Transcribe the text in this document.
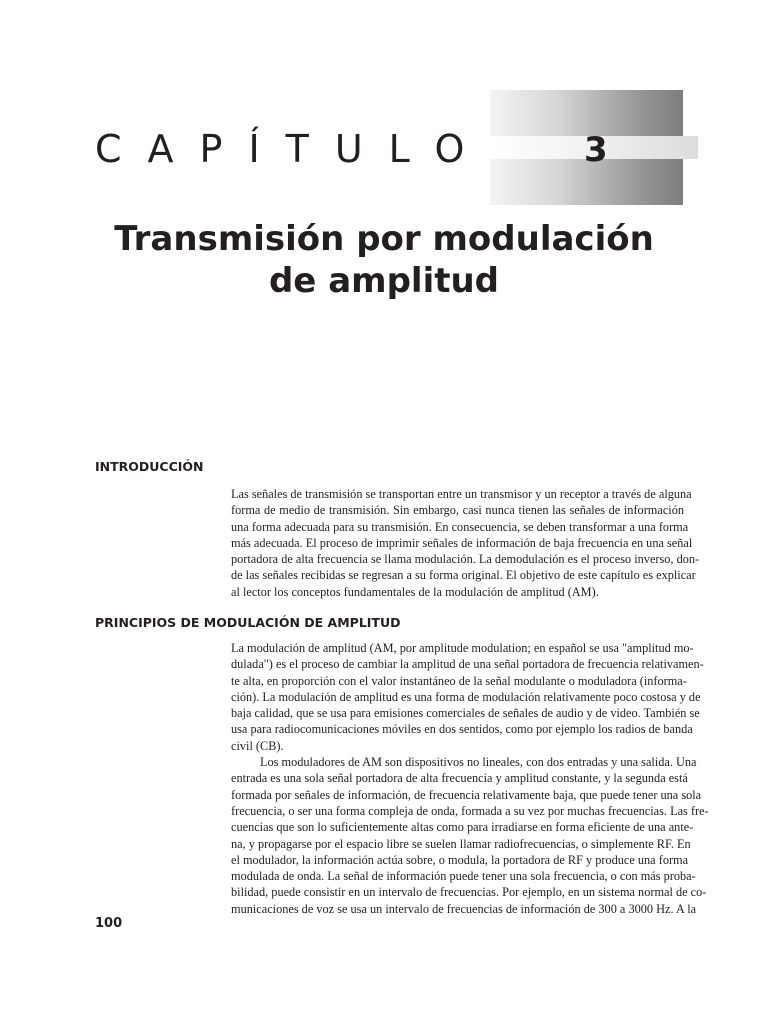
CAPÍTULO	3
Transmisión por modulación
de amplitud
INTRODUCCIÓN
Las señales de transmisión se transportan entre un transmisor y un receptor a través de alguna
forma de medio de transmisión. Sin embargo, casi nunca tienen las señales de información
una forma adecuada para su transmisión. En consecuencia, se deben transformar a una forma
más adecuada. El proceso de imprimir señales de información de baja frecuencia en una señal
portadora de alta frecuencia se llama modulación. La demodulación es el proceso inverso, don-
de las señales recibidas se regresan a su forma original. El objetivo de este capítulo es explicar
al lector los conceptos fundamentales de la modulación de amplitud (AM).
PRINCIPIOS DE MODULACIÓN DE AMPLITUD
La modulación de amplitud (AM, por amplitude modulation; en español se usa "amplitud mo-
dulada") es el proceso de cambiar la amplitud de una señal portadora de frecuencia relativamen-
te alta, en proporción con el valor instantáneo de la señal modulante o moduladora (informa-
ción). La modulación de amplitud es una forma de modulación relativamente poco costosa y de
baja calidad, que se usa para emisiones comerciales de señales de audio y de video. También se
usa para radiocomunicaciones móviles en dos sentidos, como por ejemplo los radios de banda
civil (CB).
Los moduladores de AM son dispositivos no lineales, con dos entradas y una salida. Una
entrada es una sola señal portadora de alta frecuencia y amplitud constante, y la segunda está
formada por señales de información, de frecuencia relativamente baja, que puede tener una sola
frecuencia, o ser una forma compleja de onda, formada a su vez por muchas frecuencias. Las fre-
cuencias que son lo suficientemente altas como para irradiarse en forma eficiente de una ante-
na, y propagarse por el espacio libre se suelen llamar radiofrecuencias, o simplemente RF. En
el modulador, la información actúa sobre, o modula, la portadora de RF y produce una forma
modulada de onda. La señal de información puede tener una sola frecuencia, o con más proba-
bilidad, puede consistir en un intervalo de frecuencias. Por ejemplo, en un sistema normal de co-
municaciones de voz se usa un intervalo de frecuencias de información de 300 a 3000 Hz. A la
100
